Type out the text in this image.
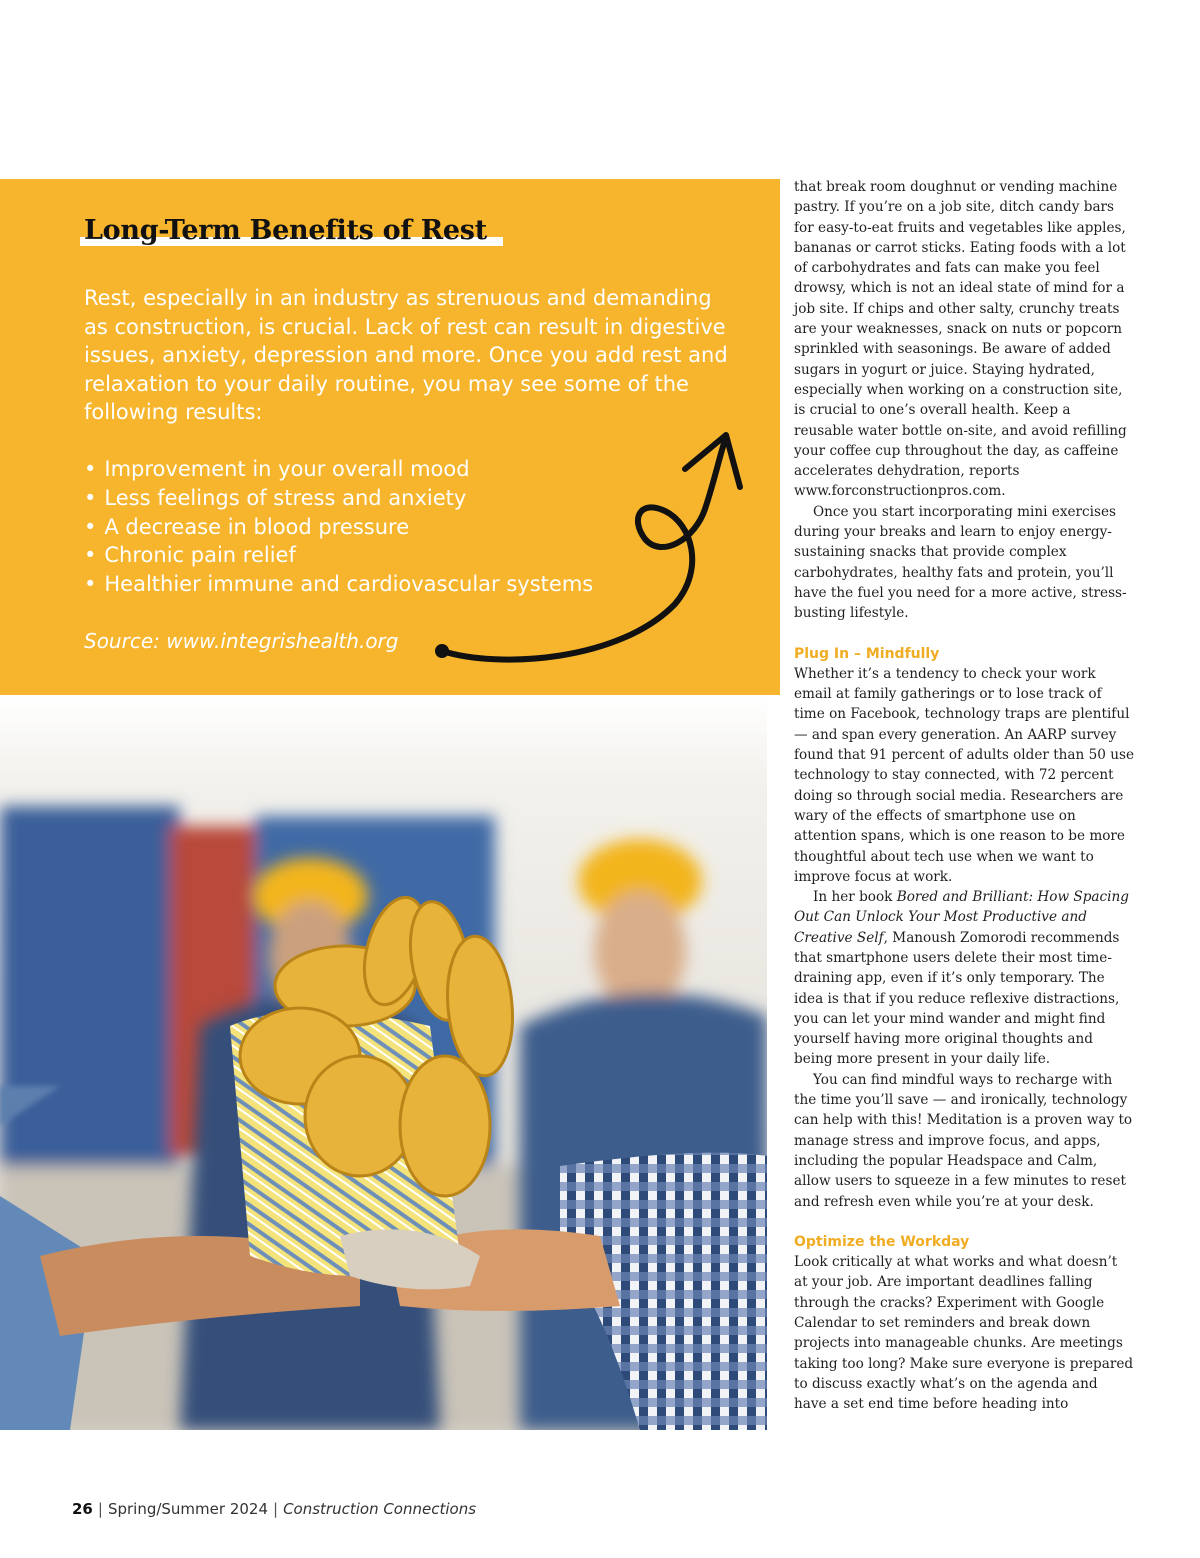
Long-Term Benefits of Rest

Rest, especially in an industry as strenuous and demanding as construction, is crucial. Lack of rest can result in digestive issues, anxiety, depression and more. Once you add rest and relaxation to your daily routine, you may see some of the following results:

• Improvement in your overall mood
• Less feelings of stress and anxiety
• A decrease in blood pressure
• Chronic pain relief
• Healthier immune and cardiovascular systems

Source: www.integrishealth.org

that break room doughnut or vending machine pastry. If you’re on a job site, ditch candy bars for easy-to-eat fruits and vegetables like apples, bananas or carrot sticks. Eating foods with a lot of carbohydrates and fats can make you feel drowsy, which is not an ideal state of mind for a job site. If chips and other salty, crunchy treats are your weaknesses, snack on nuts or popcorn sprinkled with seasonings. Be aware of added sugars in yogurt or juice. Staying hydrated, especially when working on a construction site, is crucial to one’s overall health. Keep a reusable water bottle on-site, and avoid refilling your coffee cup throughout the day, as caffeine accelerates dehydration, reports www.forconstructionpros.com.

Once you start incorporating mini exercises during your breaks and learn to enjoy energy-sustaining snacks that provide complex carbohydrates, healthy fats and protein, you’ll have the fuel you need for a more active, stress-busting lifestyle.

Plug In – Mindfully

Whether it’s a tendency to check your work email at family gatherings or to lose track of time on Facebook, technology traps are plentiful — and span every generation. An AARP survey found that 91 percent of adults older than 50 use technology to stay connected, with 72 percent doing so through social media. Researchers are wary of the effects of smartphone use on attention spans, which is one reason to be more thoughtful about tech use when we want to improve focus at work.

In her book Bored and Brilliant: How Spacing Out Can Unlock Your Most Productive and Creative Self, Manoush Zomorodi recommends that smartphone users delete their most time-draining app, even if it’s only temporary. The idea is that if you reduce reflexive distractions, you can let your mind wander and might find yourself having more original thoughts and being more present in your daily life.

You can find mindful ways to recharge with the time you’ll save — and ironically, technology can help with this! Meditation is a proven way to manage stress and improve focus, and apps, including the popular Headspace and Calm, allow users to squeeze in a few minutes to reset and refresh even while you’re at your desk.

Optimize the Workday

Look critically at what works and what doesn’t at your job. Are important deadlines falling through the cracks? Experiment with Google Calendar to set reminders and break down projects into manageable chunks. Are meetings taking too long? Make sure everyone is prepared to discuss exactly what’s on the agenda and have a set end time before heading into

26 | Spring/Summer 2024 | Construction Connections
